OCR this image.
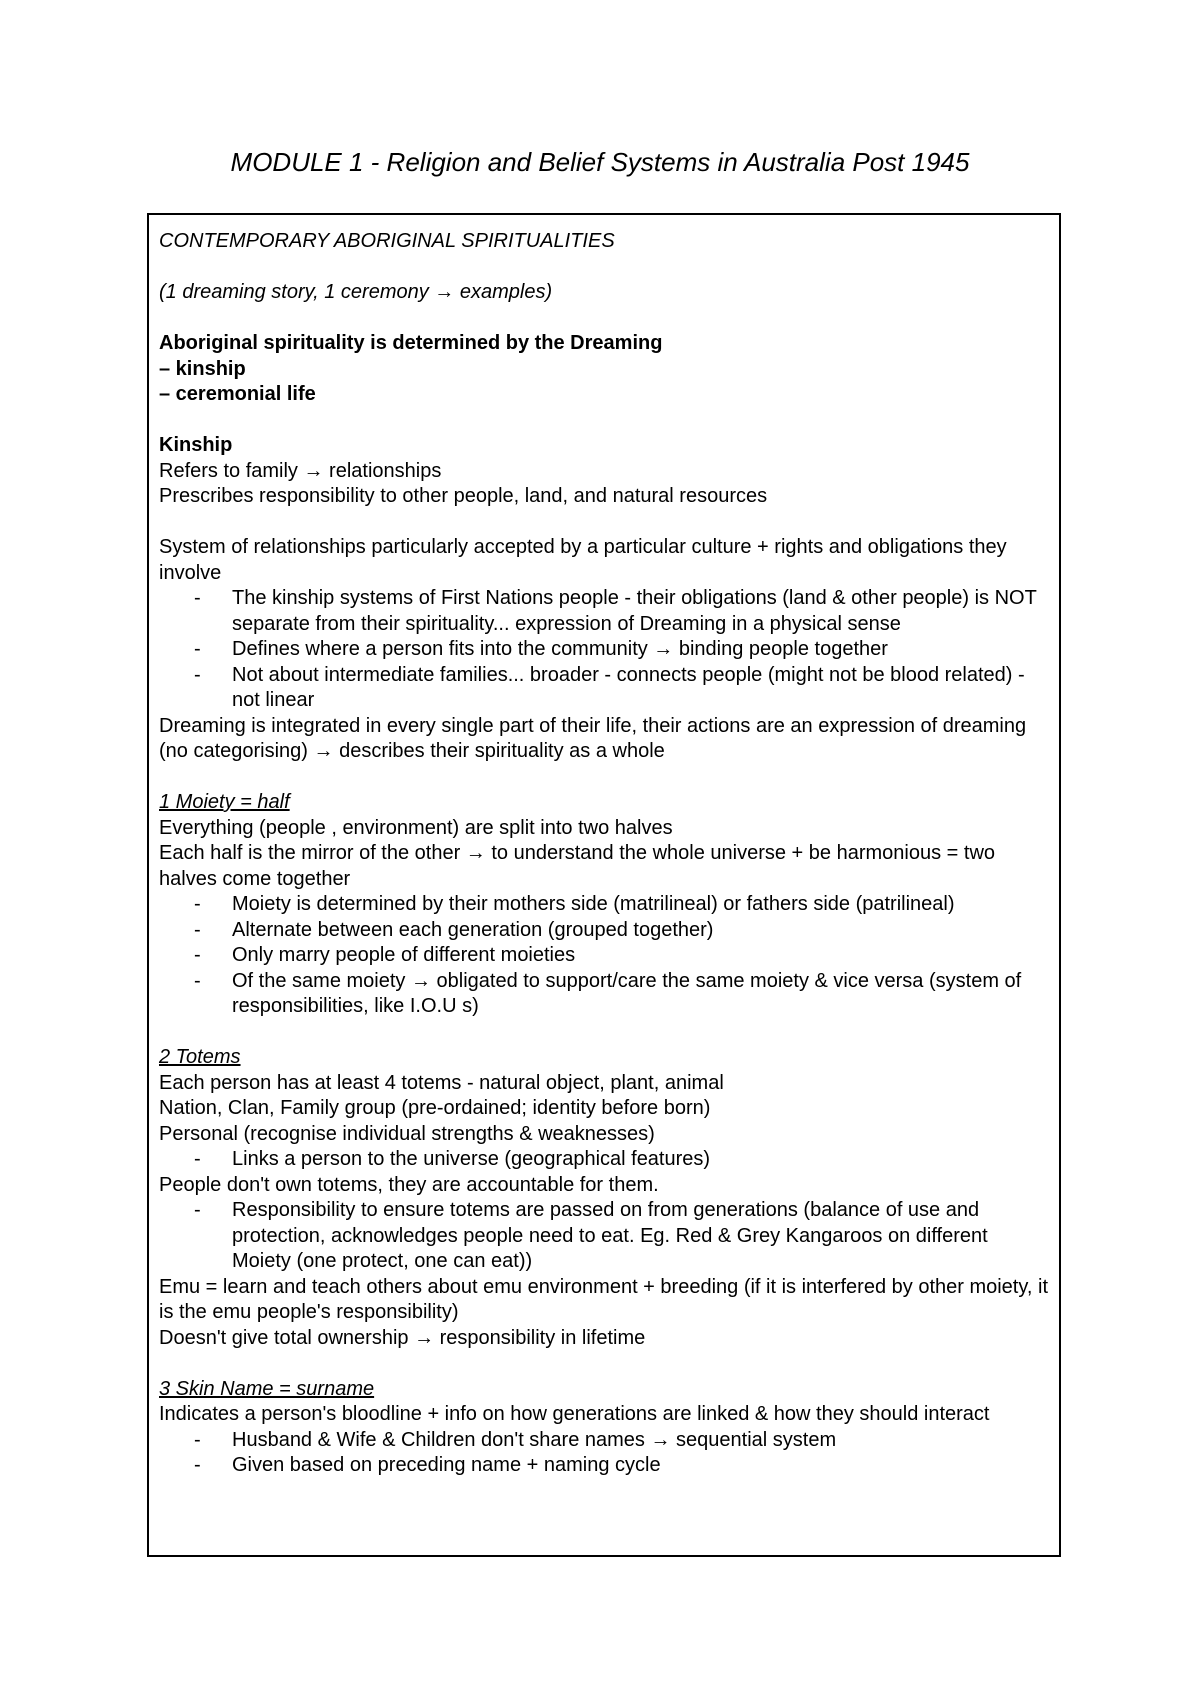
MODULE 1 - Religion and Belief Systems in Australia Post 1945

CONTEMPORARY ABORIGINAL SPIRITUALITIES

(1 dreaming story, 1 ceremony → examples)

Aboriginal spirituality is determined by the Dreaming

– kinship

– ceremonial life

Kinship

Refers to family → relationships

Prescribes responsibility to other people, land, and natural resources

System of relationships particularly accepted by a particular culture + rights and obligations they involve

- The kinship systems of First Nations people - their obligations (land & other people) is NOT separate from their spirituality... expression of Dreaming in a physical sense
- Defines where a person fits into the community → binding people together
- Not about intermediate families... broader - connects people (might not be blood related) - not linear

Dreaming is integrated in every single part of their life, their actions are an expression of dreaming (no categorising) → describes their spirituality as a whole

1 Moiety = half

Everything (people , environment) are split into two halves

Each half is the mirror of the other → to understand the whole universe + be harmonious = two halves come together

- Moiety is determined by their mothers side (matrilineal) or fathers side (patrilineal)
- Alternate between each generation (grouped together)
- Only marry people of different moieties
- Of the same moiety → obligated to support/care the same moiety & vice versa (system of responsibilities, like I.O.U s)

2 Totems

Each person has at least 4 totems - natural object, plant, animal

Nation, Clan, Family group (pre-ordained; identity before born)

Personal (recognise individual strengths & weaknesses)

- Links a person to the universe (geographical features)

People don't own totems, they are accountable for them.

- Responsibility to ensure totems are passed on from generations (balance of use and protection, acknowledges people need to eat. Eg. Red & Grey Kangaroos on different Moiety (one protect, one can eat))

Emu = learn and teach others about emu environment + breeding (if it is interfered by other moiety, it is the emu people's responsibility)

Doesn't give total ownership → responsibility in lifetime

3 Skin Name = surname

Indicates a person's bloodline + info on how generations are linked & how they should interact

- Husband & Wife & Children don't share names → sequential system
- Given based on preceding name + naming cycle
